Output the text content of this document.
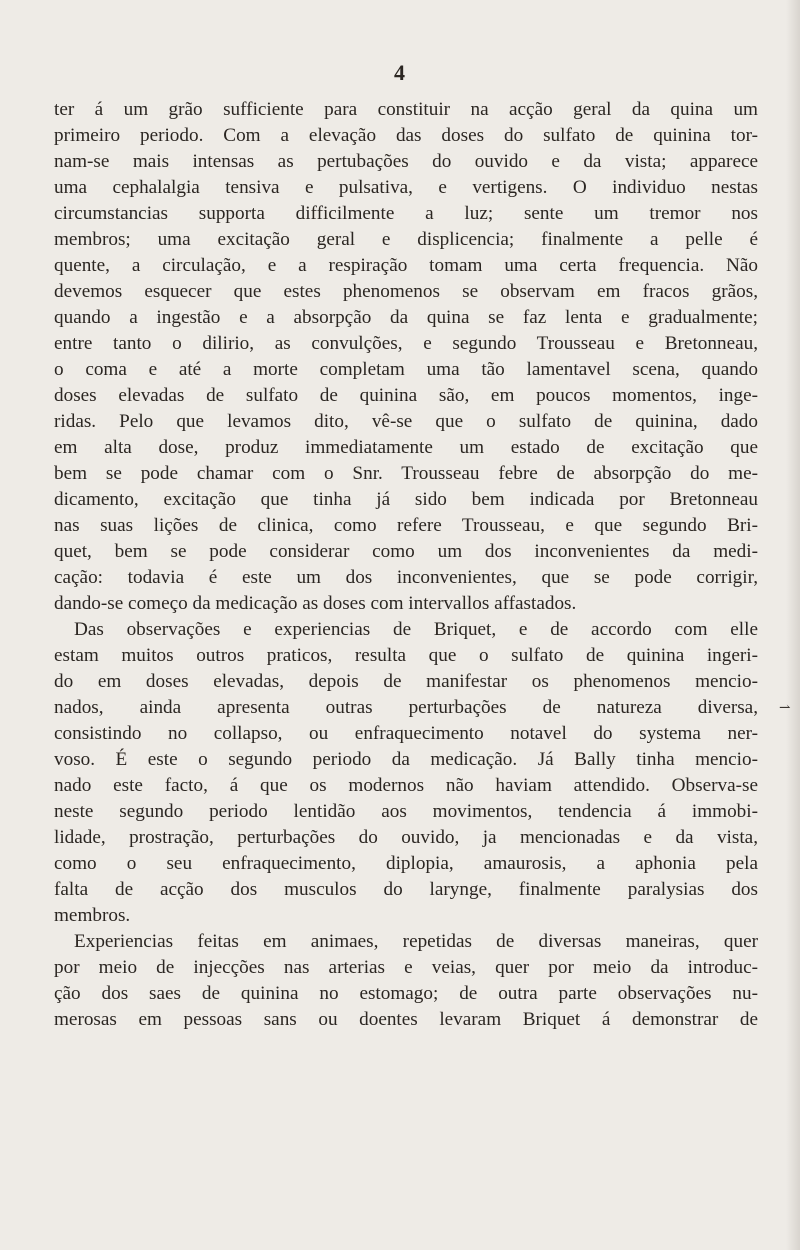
4
ter á um grão sufficiente para constituir na acção geral da quina um
primeiro periodo. Com a elevação das doses do sulfato de quinina tor-
nam-se mais intensas as pertubações do ouvido e da vista; apparece
uma cephalalgia tensiva e pulsativa, e vertigens. O individuo nestas
circumstancias supporta difficilmente a luz; sente um tremor nos
membros; uma excitação geral e displicencia; finalmente a pelle é
quente, a circulação, e a respiração tomam uma certa frequencia. Não
devemos esquecer que estes phenomenos se observam em fracos grãos,
quando a ingestão e a absorpção da quina se faz lenta e gradualmente;
entre tanto o dilirio, as convulções, e segundo Trousseau e Bretonneau,
o coma e até a morte completam uma tão lamentavel scena, quando
doses elevadas de sulfato de quinina são, em poucos momentos, inge-
ridas. Pelo que levamos dito, vê-se que o sulfato de quinina, dado
em alta dose, produz immediatamente um estado de excitação que
bem se pode chamar com o Snr. Trousseau febre de absorpção do me-
dicamento, excitação que tinha já sido bem indicada por Bretonneau
nas suas lições de clinica, como refere Trousseau, e que segundo Bri-
quet, bem se pode considerar como um dos inconvenientes da medi-
cação: todavia é este um dos inconvenientes, que se pode corrigir,
dando-se começo da medicação as doses com intervallos affastados.
Das observações e experiencias de Briquet, e de accordo com elle
estam muitos outros praticos, resulta que o sulfato de quinina ingeri-
do em doses elevadas, depois de manifestar os phenomenos mencio-
nados, ainda apresenta outras perturbações de natureza diversa,
consistindo no collapso, ou enfraquecimento notavel do systema ner-
voso. É este o segundo periodo da medicação. Já Bally tinha mencio-
nado este facto, á que os modernos não haviam attendido. Observa-se
neste segundo periodo lentidão aos movimentos, tendencia á immobi-
lidade, prostração, perturbações do ouvido, ja mencionadas e da vista,
como o seu enfraquecimento, diplopia, amaurosis, a aphonia pela
falta de acção dos musculos do larynge, finalmente paralysias dos
membros.
Experiencias feitas em animaes, repetidas de diversas maneiras, quer
por meio de injecções nas arterias e veias, quer por meio da introduc-
ção dos saes de quinina no estomago; de outra parte observações nu-
merosas em pessoas sans ou doentes levaram Briquet á demonstrar de
⇀
